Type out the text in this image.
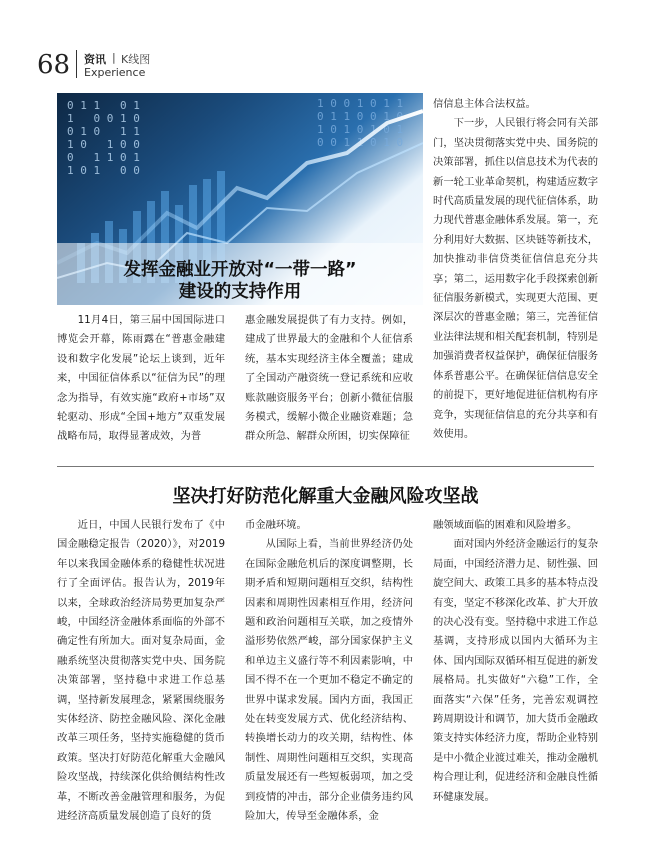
68 资讯 | K线图
Experience
0 1 1   0 1
1   0 0 1 0
0 1 0   1 1
1 0   1 0 0
0   1 1 0 1
1 0 1   0 0
1 0 0 1 0 1 1
0 1 1 0 0 1 0
1 0 1 0 1 0 1
0 0 1 1 0 1 0
发挥金融业开放对“一带一路”
建设的支持作用

11月4日，第三届中国国际进口博览会开幕，陈雨露在“普惠金融建设和数字化发展”论坛上谈到，近年来，中国征信体系以“征信为民”的理念为指导，有效实施“政府+市场”双轮驱动、形成“全国+地方”双重发展战略布局，取得显著成效，为普

惠金融发展提供了有力支持。例如，建成了世界最大的金融和个人征信系统，基本实现经济主体全覆盖；建成了全国动产融资统一登记系统和应收账款融资服务平台；创新小微征信服务模式，缓解小微企业融资难题；急群众所急、解群众所困，切实保障征

信信息主体合法权益。

下一步，人民银行将会同有关部门，坚决贯彻落实党中央、国务院的决策部署，抓住以信息技术为代表的新一轮工业革命契机，构建适应数字时代高质量发展的现代征信体系，助力现代普惠金融体系发展。第一，充分利用好大数据、区块链等新技术，加快推动非信贷类征信信息充分共享；第二，运用数字化手段探索创新征信服务新模式，实现更大范围、更深层次的普惠金融；第三，完善征信业法律法规和相关配套机制，特别是加强消费者权益保护，确保征信服务体系普惠公平。在确保征信信息安全的前提下，更好地促进征信机构有序竞争，实现征信信息的充分共享和有效使用。

坚决打好防范化解重大金融风险攻坚战

近日，中国人民银行发布了《中国金融稳定报告（2020）》，对2019年以来我国金融体系的稳健性状况进行了全面评估。报告认为，2019年以来，全球政治经济局势更加复杂严峻，中国经济金融体系面临的外部不确定性有所加大。面对复杂局面，金融系统坚决贯彻落实党中央、国务院决策部署，坚持稳中求进工作总基调，坚持新发展理念，紧紧围绕服务实体经济、防控金融风险、深化金融改革三项任务，坚持实施稳健的货币政策。坚决打好防范化解重大金融风险攻坚战，持续深化供给侧结构性改革，不断改善金融管理和服务，为促进经济高质量发展创造了良好的货

币金融环境。

从国际上看，当前世界经济仍处在国际金融危机后的深度调整期，长期矛盾和短期问题相互交织，结构性因素和周期性因素相互作用，经济问题和政治问题相互关联，加之疫情外溢形势依然严峻，部分国家保护主义和单边主义盛行等不利因素影响，中国不得不在一个更加不稳定不确定的世界中谋求发展。国内方面，我国正处在转变发展方式、优化经济结构、转换增长动力的攻关期，结构性、体制性、周期性问题相互交织，实现高质量发展还有一些短板弱项，加之受到疫情的冲击，部分企业债务违约风险加大，传导至金融体系，金

融领域面临的困难和风险增多。

面对国内外经济金融运行的复杂局面，中国经济潜力足、韧性强、回旋空间大、政策工具多的基本特点没有变，坚定不移深化改革、扩大开放的决心没有变。坚持稳中求进工作总基调，支持形成以国内大循环为主体、国内国际双循环相互促进的新发展格局。扎实做好“六稳”工作，全面落实“六保”任务，完善宏观调控跨周期设计和调节，加大货币金融政策支持实体经济力度，帮助企业特别是中小微企业渡过难关，推动金融机构合理让利，促进经济和金融良性循环健康发展。
